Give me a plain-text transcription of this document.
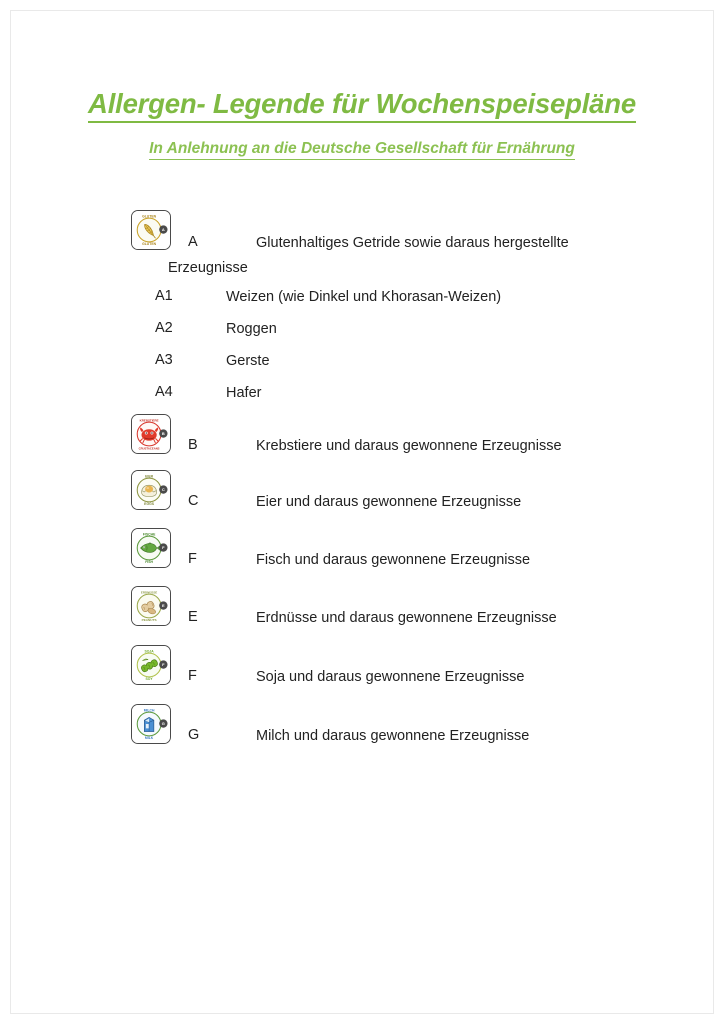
Allergen- Legende für Wochenspeisepläne
In Anlehnung an die Deutsche Gesellschaft für Ernährung
GLUTEN
GLUTEN
A
A	Glutenhaltiges Getride sowie daraus hergestellte
Erzeugnisse
A1	Weizen (wie Dinkel und Khorasan-Weizen)
A2	Roggen
A3	Gerste
A4	Hafer
KREBSTIERE
CRUSTACEANS
B
B	Krebstiere und daraus gewonnene Erzeugnisse
EIER
EGGS
C
C	Eier und daraus gewonnene Erzeugnisse
FISCHE
FISH
F
F	Fisch und daraus gewonnene Erzeugnisse
ERDNÜSSE
PEANUTS
E
E	Erdnüsse und daraus gewonnene Erzeugnisse
SOJA
SOY
F
F	Soja und daraus gewonnene Erzeugnisse
MILCH
MILK
G
G	Milch und daraus gewonnene Erzeugnisse
